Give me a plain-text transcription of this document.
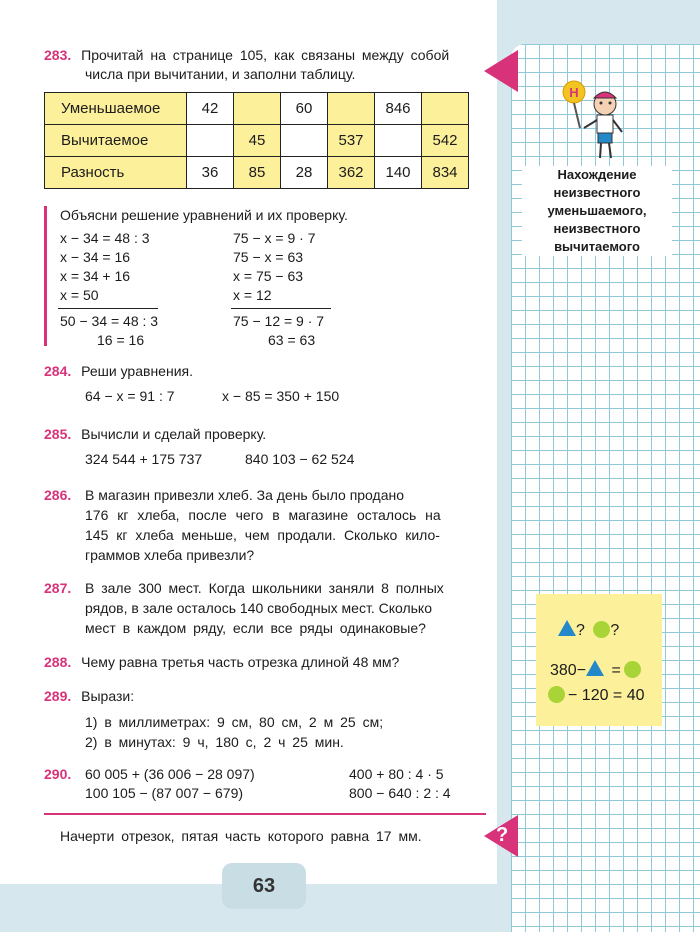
63
?
283. Прочитай на странице 105, как связаны между собой
числа при вычитании, и заполни таблицу.
Уменьшаемое	42		60		846	
Вычитаемое		45		537		542
Разность	36	85	28	362	140	834
Объясни решение уравнений и их проверку.
x − 34 = 48 : 3
x − 34 = 16
x = 34 + 16
x = 50
50 − 34 = 48 : 3
16 = 16
75 − x = 9 · 7
75 − x = 63
x = 75 − 63
x = 12
75 − 12 = 9 · 7
63 = 63
284. Реши уравнения.
64 − x = 91 : 7	x − 85 = 350 + 150
285. Вычисли и сделай проверку.
324 544 + 175 737	840 103 − 62 524
286. В магазин привезли хлеб. За день было продано
176 кг хлеба, после чего в магазине осталось на
145 кг хлеба меньше, чем продали. Сколько кило-
граммов хлеба привезли?
287. В зале 300 мест. Когда школьники заняли 8 полных
рядов, в зале осталось 140 свободных мест. Сколько
мест в каждом ряду, если все ряды одинаковые?
288. Чему равна третья часть отрезка длиной 48 мм?
289. Вырази:
1) в миллиметрах: 9 см, 80 см, 2 м 25 см;
2) в минутах: 9 ч, 180 с, 2 ч 25 мин.
290. 60 005 + (36 006 − 28 097)
100 105 − (87 007 − 679)
400 + 80 : 4 · 5
800 − 640 : 2 : 4
Начерти отрезок, пятая часть которого равна 17 мм.
Н
Нахождение
неизвестного
уменьшаемого,
неизвестного
вычитаемого
? ?
380− =
− 120 = 40
